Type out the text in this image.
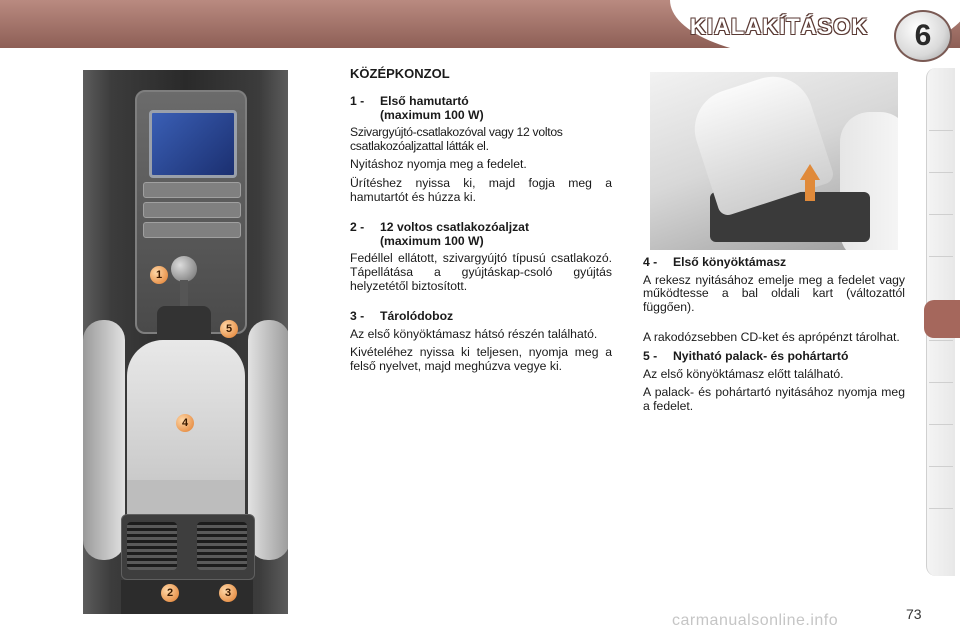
KIALAKÍTÁSOK	6
1
2	3
4
5
KÖZÉPKONZOL
1 -	Első hamutartó
(maximum 100 W)

Szivargyújtó-csatlakozóval vagy 12 voltos csatlakozóaljzattal látták el.

Nyitáshoz nyomja meg a fedelet.

Ürítéshez nyissa ki, majd fogja meg a hamutartót és húzza ki.

2 -	12 voltos csatlakozóaljzat
(maximum 100 W)

Fedéllel ellátott, szivargyújtó típusú csatlakozó. Tápellátása a gyújtáskap-csoló gyújtás helyzetétől biztosított.

3 -	Tárolódoboz

Az első könyöktámasz hátsó részén található.

Kivételéhez nyissa ki teljesen, nyomja meg a felső nyelvet, majd meghúzva vegye ki.

4 -	Első könyöktámasz

A rekesz nyitásához emelje meg a fedelet vagy működtesse a bal oldali kart (változattól függően).

A rakodózsebben CD-ket és aprópénzt tárolhat.

5 -	Nyitható palack- és pohártartó

Az első könyöktámasz előtt található.

A palack- és pohártartó nyitásához nyomja meg a fedelet.

carmanualsonline.info	73
